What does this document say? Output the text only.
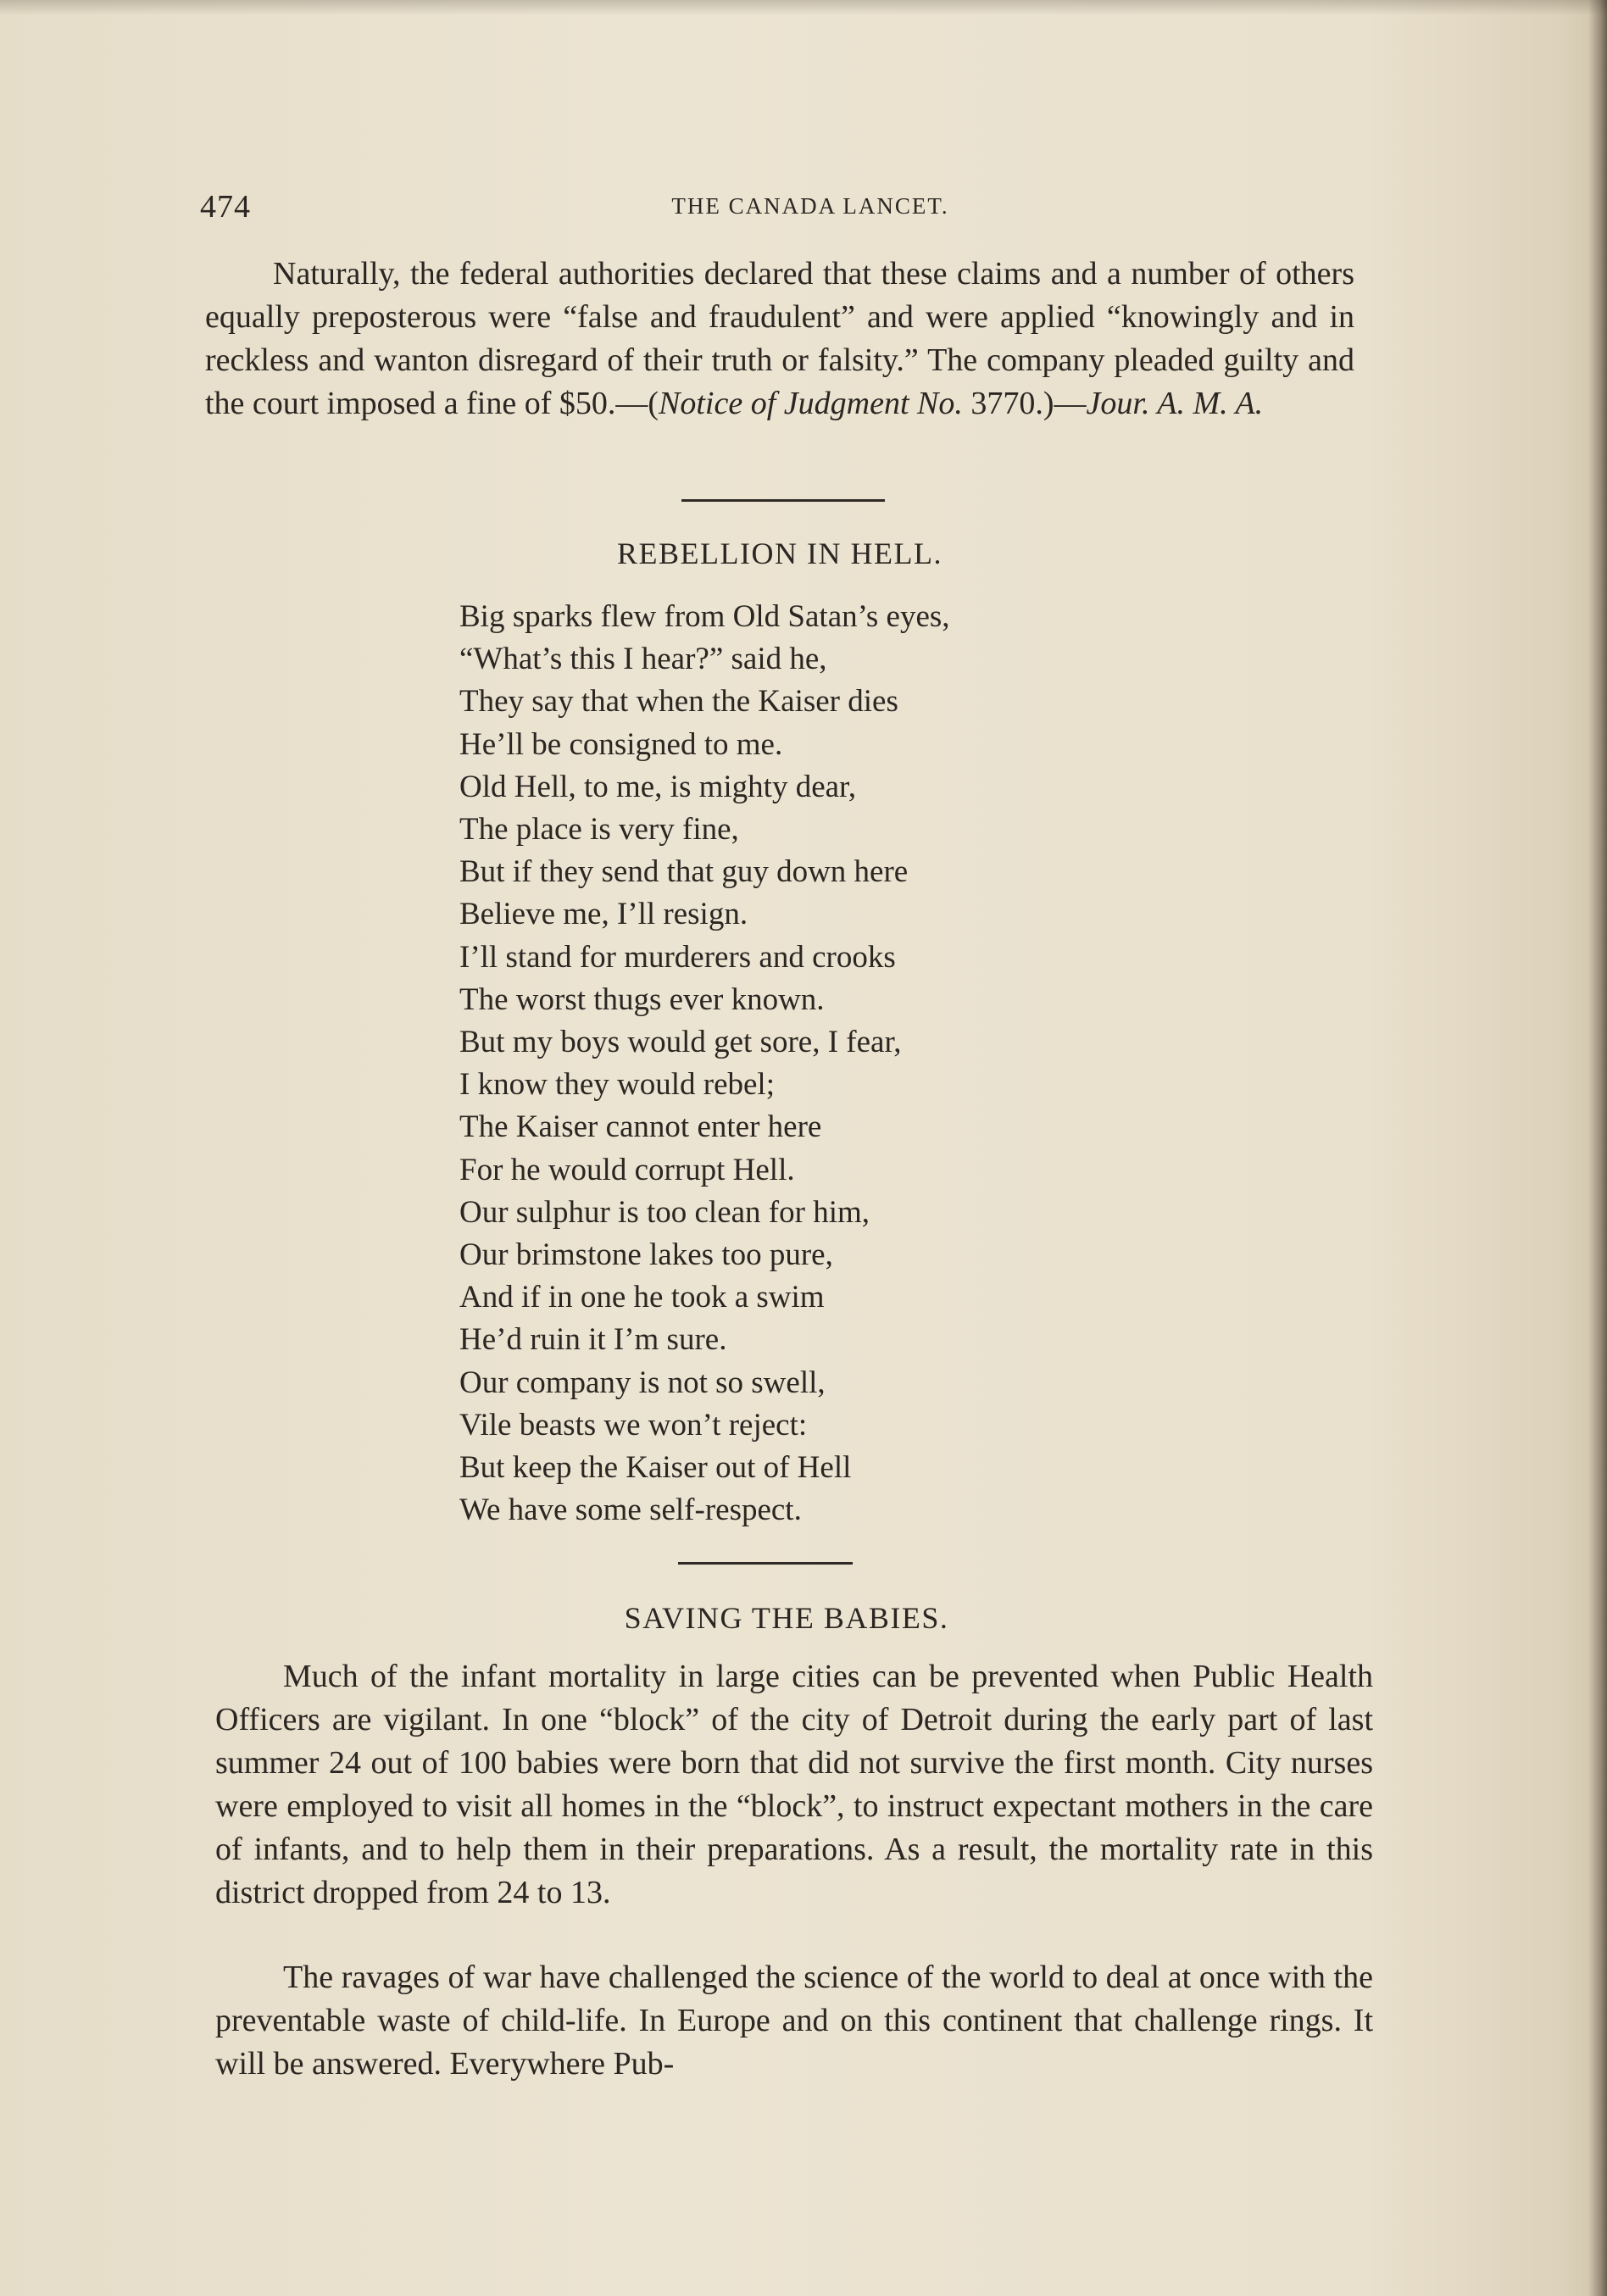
474	THE CANADA LANCET.

Naturally, the federal authorities declared that these claims and a number of others equally preposterous were “false and fraudulent” and were applied “knowingly and in reckless and wanton disregard of their truth or falsity.” The company pleaded guilty and the court imposed a fine of $50.—(Notice of Judgment No. 3770.)—Jour. A. M. A.

REBELLION IN HELL.
Big sparks flew from Old Satan’s eyes,
“What’s this I hear?” said he,
They say that when the Kaiser dies
He’ll be consigned to me.
Old Hell, to me, is mighty dear,
The place is very fine,
But if they send that guy down here
Believe me, I’ll resign.
I’ll stand for murderers and crooks
The worst thugs ever known.
But my boys would get sore, I fear,
I know they would rebel;
The Kaiser cannot enter here
For he would corrupt Hell.
Our sulphur is too clean for him,
Our brimstone lakes too pure,
And if in one he took a swim
He’d ruin it I’m sure.
Our company is not so swell,
Vile beasts we won’t reject:
But keep the Kaiser out of Hell
We have some self-respect.
SAVING THE BABIES.

Much of the infant mortality in large cities can be prevented when Public Health Officers are vigilant. In one “block” of the city of Detroit during the early part of last summer 24 out of 100 babies were born that did not survive the first month. City nurses were employed to visit all homes in the “block”, to instruct expectant mothers in the care of infants, and to help them in their preparations. As a result, the mortality rate in this district dropped from 24 to 13.

The ravages of war have challenged the science of the world to deal at once with the preventable waste of child-life. In Europe and on this continent that challenge rings. It will be answered. Everywhere Pub-
